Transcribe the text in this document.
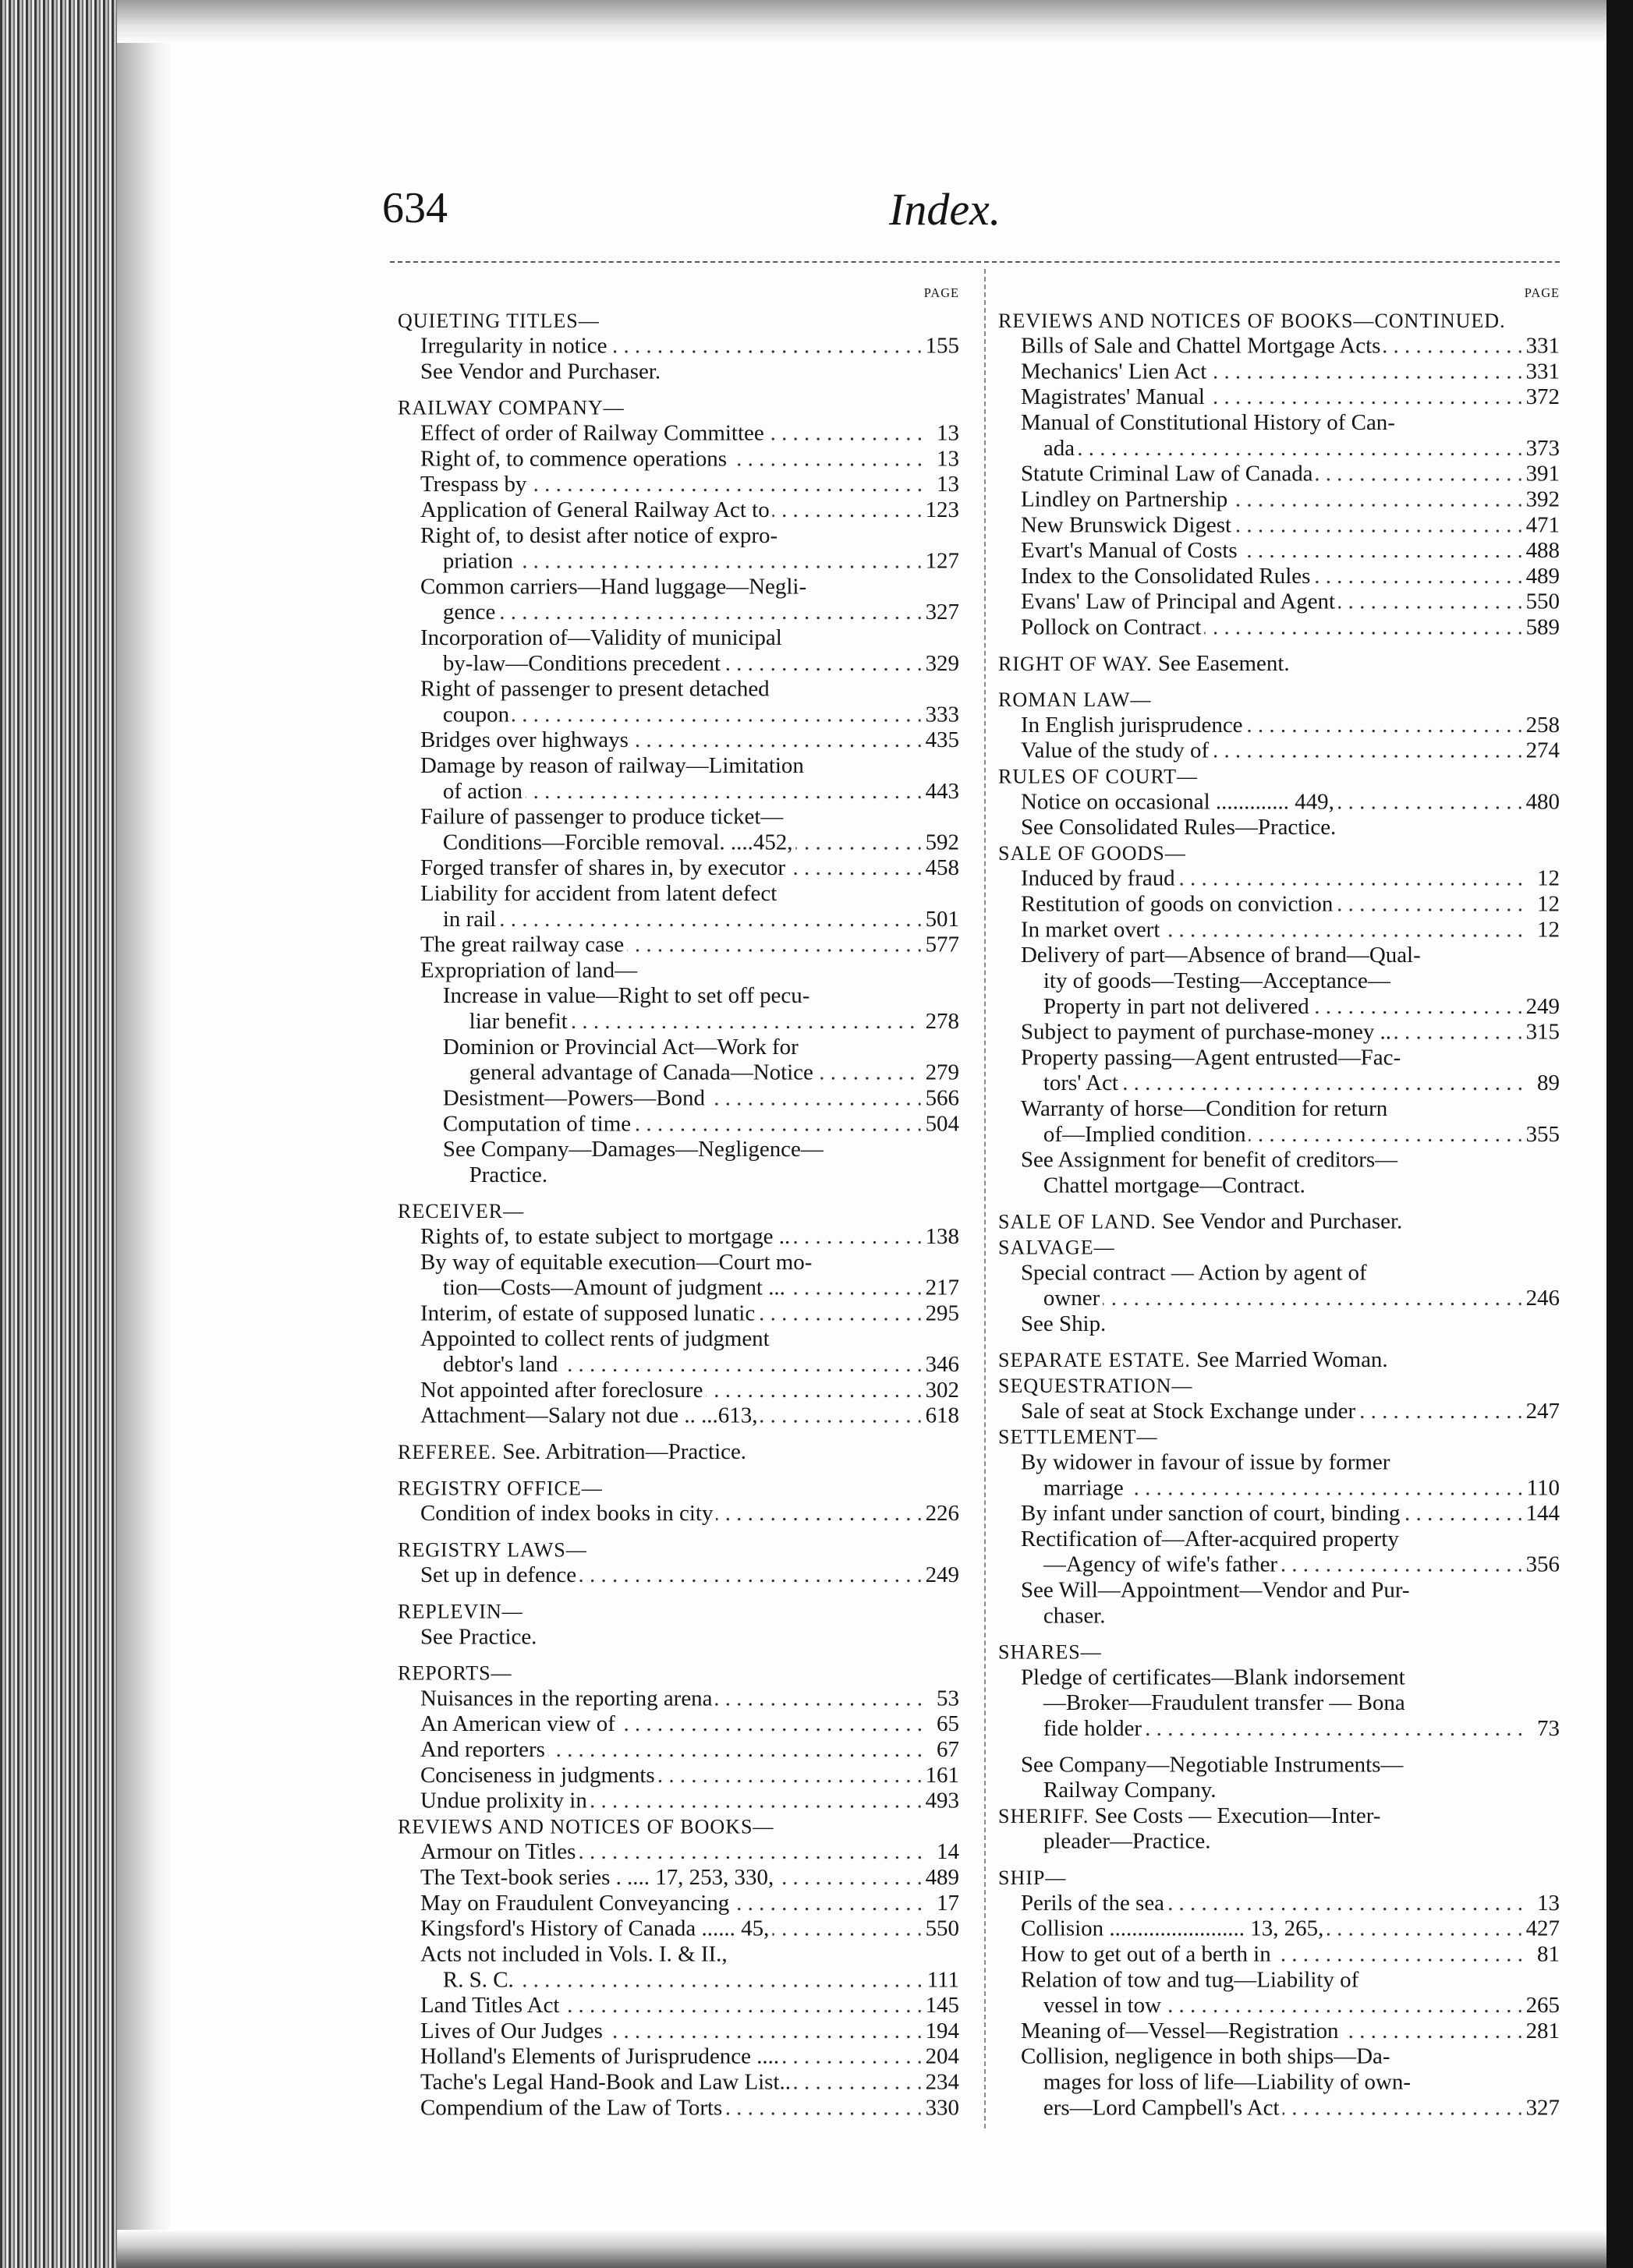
634	Index.
PAGE
QUIETING TITLES—
Irregularity in notice . . .	155
See Vendor and Purchaser.
RAILWAY COMPANY—
Effect of order of Railway Committee . . .	13
Right of, to commence operations . . .	13
Trespass by . . .	13
Application of General Railway Act to . . .	123
Right of, to desist after notice of expro-
priation . . .	127
Common carriers—Hand luggage—Negli-
gence . . .	327
Incorporation of—Validity of municipal
by-law—Conditions precedent . . .	329
Right of passenger to present detached
coupon . . .	333
Bridges over highways . . .	435
Damage by reason of railway—Limitation
of action . . .	443
Failure of passenger to produce ticket—
Conditions—Forcible removal. ....452, . . .	592
Forged transfer of shares in, by executor . . .	458
Liability for accident from latent defect
in rail . . .	501
The great railway case . . .	577
Expropriation of land—
Increase in value—Right to set off pecu-
liar benefit . . .	278
Dominion or Provincial Act—Work for
general advantage of Canada—Notice . . .	279
Desistment—Powers—Bond . . .	566
Computation of time . . .	504
See Company—Damages—Negligence—
Practice.
RECEIVER—
Rights of, to estate subject to mortgage .. . . .	138
By way of equitable execution—Court mo-
tion—Costs—Amount of judgment ... . . .	217
Interim, of estate of supposed lunatic . . .	295
Appointed to collect rents of judgment
debtor's land . . .	346
Not appointed after foreclosure . . .	302
Attachment—Salary not due .. ...613, . . .	618
REFEREE. See. Arbitration—Practice.
REGISTRY OFFICE—
Condition of index books in city . . .	226
REGISTRY LAWS—
Set up in defence . . .	249
REPLEVIN—
See Practice.
REPORTS—
Nuisances in the reporting arena . . .	53
An American view of . . .	65
And reporters . . .	67
Conciseness in judgments . . .	161
Undue prolixity in . . .	493
REVIEWS AND NOTICES OF BOOKS—
Armour on Titles . . .	14
The Text-book series . .... 17, 253, 330, . . .	489
May on Fraudulent Conveyancing . . .	17
Kingsford's History of Canada ...... 45, . . .	550
Acts not included in Vols. I. & II.,
R. S. C. . . .	111
Land Titles Act . . .	145
Lives of Our Judges . . .	194
Holland's Elements of Jurisprudence .... . . .	204
Tache's Legal Hand-Book and Law List.. . . .	234
Compendium of the Law of Torts . . .	330
PAGE
REVIEWS AND NOTICES OF BOOKS—CONTINUED.
Bills of Sale and Chattel Mortgage Acts . . .	331
Mechanics' Lien Act . . .	331
Magistrates' Manual . . .	372
Manual of Constitutional History of Can-
ada . . .	373
Statute Criminal Law of Canada . . .	391
Lindley on Partnership . . .	392
New Brunswick Digest . . .	471
Evart's Manual of Costs . . .	488
Index to the Consolidated Rules . . .	489
Evans' Law of Principal and Agent . . .	550
Pollock on Contract . . .	589
RIGHT OF WAY. See Easement.
ROMAN LAW—
In English jurisprudence . . .	258
Value of the study of . . .	274
RULES OF COURT—
Notice on occasional ............. 449, . . .	480
See Consolidated Rules—Practice.
SALE OF GOODS—
Induced by fraud . . .	12
Restitution of goods on conviction . . .	12
In market overt . . .	12
Delivery of part—Absence of brand—Qual-
ity of goods—Testing—Acceptance—
Property in part not delivered . . .	249
Subject to payment of purchase-money .. . . .	315
Property passing—Agent entrusted—Fac-
tors' Act . . .	89
Warranty of horse—Condition for return
of—Implied condition . . .	355
See Assignment for benefit of creditors—
Chattel mortgage—Contract.
SALE OF LAND. See Vendor and Purchaser.
SALVAGE—
Special contract — Action by agent of
owner . . .	246
See Ship.
SEPARATE ESTATE. See Married Woman.
SEQUESTRATION—
Sale of seat at Stock Exchange under . . .	247
SETTLEMENT—
By widower in favour of issue by former
marriage . . .	110
By infant under sanction of court, binding . . .	144
Rectification of—After-acquired property
—Agency of wife's father . . .	356
See Will—Appointment—Vendor and Pur-
chaser.
SHARES—
Pledge of certificates—Blank indorsement
—Broker—Fraudulent transfer — Bona
fide holder . . .	73
See Company—Negotiable Instruments—
Railway Company.
SHERIFF. See Costs — Execution—Inter-
pleader—Practice.
SHIP—
Perils of the sea . . .	13
Collision ........................ 13, 265, . . .	427
How to get out of a berth in . . .	81
Relation of tow and tug—Liability of
vessel in tow . . .	265
Meaning of—Vessel—Registration . . .	281
Collision, negligence in both ships—Da-
mages for loss of life—Liability of own-
ers—Lord Campbell's Act . . .	327
